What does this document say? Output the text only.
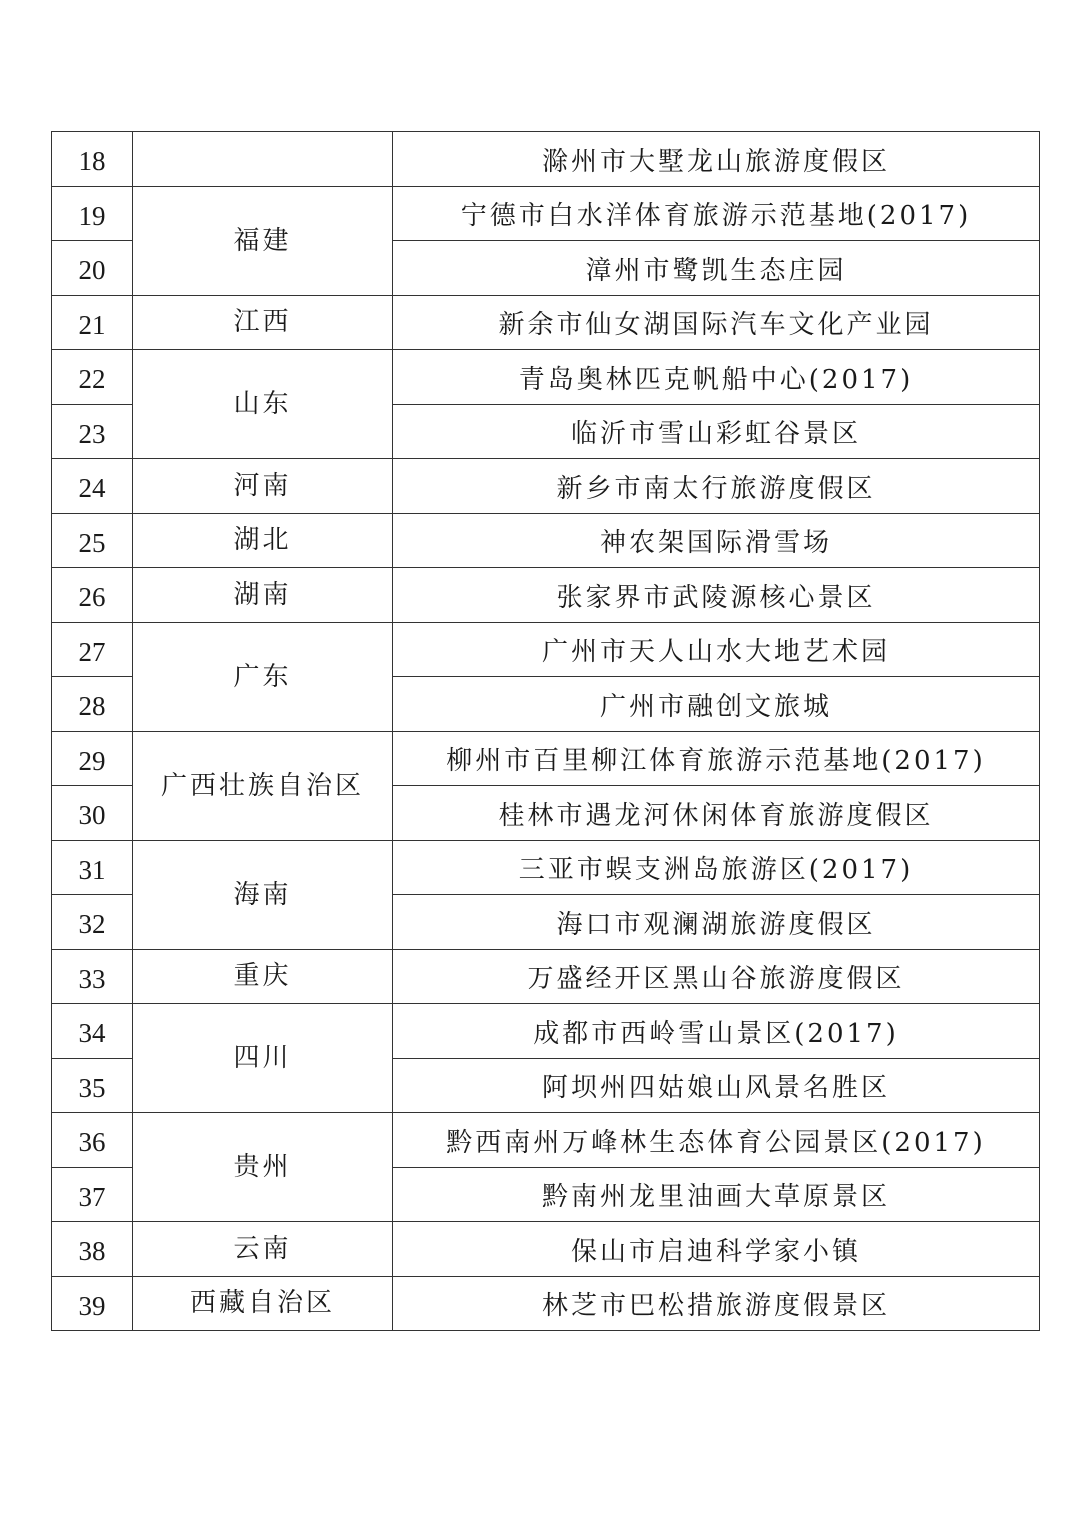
18		滁州市大墅龙山旅游度假区
19	福建	宁德市白水洋体育旅游示范基地(2017)
20		漳州市鹭凯生态庄园
21	江西	新余市仙女湖国际汽车文化产业园
22	山东	青岛奥林匹克帆船中心(2017)
23		临沂市雪山彩虹谷景区
24	河南	新乡市南太行旅游度假区
25	湖北	神农架国际滑雪场
26	湖南	张家界市武陵源核心景区
27	广东	广州市天人山水大地艺术园
28		广州市融创文旅城
29	广西壮族自治区	柳州市百里柳江体育旅游示范基地(2017)
30		桂林市遇龙河休闲体育旅游度假区
31	海南	三亚市蜈支洲岛旅游区(2017)
32		海口市观澜湖旅游度假区
33	重庆	万盛经开区黑山谷旅游度假区
34	四川	成都市西岭雪山景区(2017)
35		阿坝州四姑娘山风景名胜区
36	贵州	黔西南州万峰林生态体育公园景区(2017)
37		黔南州龙里油画大草原景区
38	云南	保山市启迪科学家小镇
39	西藏自治区	林芝市巴松措旅游度假景区
